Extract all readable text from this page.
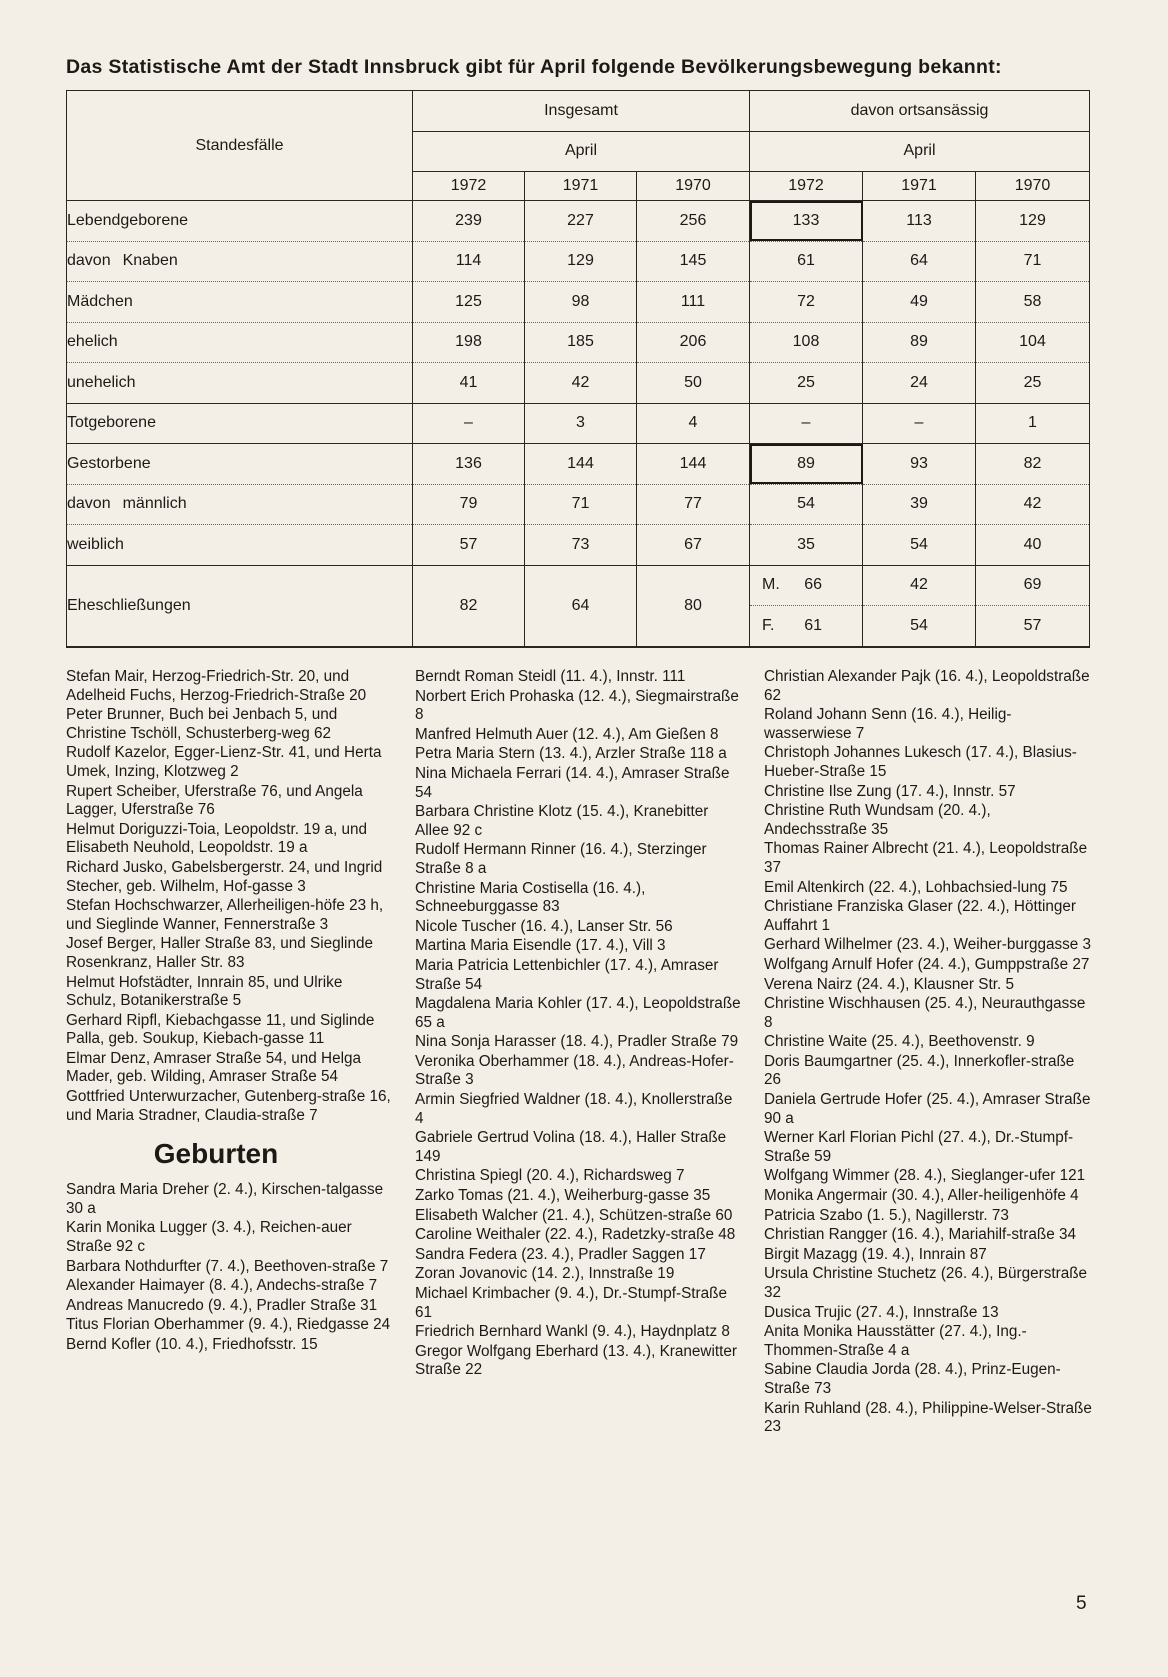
Das Statistische Amt der Stadt Innsbruck gibt für April folgende Bevölkerungsbewegung bekannt:
Standesfälle	Insgesamt			davon ortsansässig		
	April			April		
	1972	1971	1970	1972	1971	1970
Lebendgeborene	239	227	256	133	113	129
davon Knaben	114	129	145	61	64	71
Mädchen	125	98	111	72	49	58
ehelich	198	185	206	108	89	104
unehelich	41	42	50	25	24	25
Totgeborene	–	3	4	–	–	1
Gestorbene	136	144	144	89	93	82
davon männlich	79	71	77	54	39	42
weiblich	57	73	67	35	54	40
Eheschließungen	82	64	80	M. 66	42	69

				F. 61	54	57

Stefan Mair, Herzog-Friedrich-Str. 20, und Adelheid Fuchs, Herzog-Friedrich-Straße 20

Peter Brunner, Buch bei Jenbach 5, und Christine Tschöll, Schusterberg-weg 62

Rudolf Kazelor, Egger-Lienz-Str. 41, und Herta Umek, Inzing, Klotzweg 2

Rupert Scheiber, Uferstraße 76, und Angela Lagger, Uferstraße 76

Helmut Doriguzzi-Toia, Leopoldstr. 19 a, und Elisabeth Neuhold, Leopoldstr. 19 a

Richard Jusko, Gabelsbergerstr. 24, und Ingrid Stecher, geb. Wilhelm, Hof-gasse 3

Stefan Hochschwarzer, Allerheiligen-höfe 23 h, und Sieglinde Wanner, Fennerstraße 3

Josef Berger, Haller Straße 83, und Sieglinde Rosenkranz, Haller Str. 83

Helmut Hofstädter, Innrain 85, und Ulrike Schulz, Botanikerstraße 5

Gerhard Ripfl, Kiebachgasse 11, und Siglinde Palla, geb. Soukup, Kiebach-gasse 11

Elmar Denz, Amraser Straße 54, und Helga Mader, geb. Wilding, Amraser Straße 54

Gottfried Unterwurzacher, Gutenberg-straße 16, und Maria Stradner, Claudia-straße 7

Geburten

Sandra Maria Dreher (2. 4.), Kirschen-talgasse 30 a

Karin Monika Lugger (3. 4.), Reichen-auer Straße 92 c

Barbara Nothdurfter (7. 4.), Beethoven-straße 7

Alexander Haimayer (8. 4.), Andechs-straße 7

Andreas Manucredo (9. 4.), Pradler Straße 31

Titus Florian Oberhammer (9. 4.), Riedgasse 24

Bernd Kofler (10. 4.), Friedhofsstr. 15

Berndt Roman Steidl (11. 4.), Innstr. 111

Norbert Erich Prohaska (12. 4.), Siegmairstraße 8

Manfred Helmuth Auer (12. 4.), Am Gießen 8

Petra Maria Stern (13. 4.), Arzler Straße 118 a

Nina Michaela Ferrari (14. 4.), Amraser Straße 54

Barbara Christine Klotz (15. 4.), Kranebitter Allee 92 c

Rudolf Hermann Rinner (16. 4.), Sterzinger Straße 8 a

Christine Maria Costisella (16. 4.), Schneeburggasse 83

Nicole Tuscher (16. 4.), Lanser Str. 56

Martina Maria Eisendle (17. 4.), Vill 3

Maria Patricia Lettenbichler (17. 4.), Amraser Straße 54

Magdalena Maria Kohler (17. 4.), Leopoldstraße 65 a

Nina Sonja Harasser (18. 4.), Pradler Straße 79

Veronika Oberhammer (18. 4.), Andreas-Hofer-Straße 3

Armin Siegfried Waldner (18. 4.), Knollerstraße 4

Gabriele Gertrud Volina (18. 4.), Haller Straße 149

Christina Spiegl (20. 4.), Richardsweg 7

Zarko Tomas (21. 4.), Weiherburg-gasse 35

Elisabeth Walcher (21. 4.), Schützen-straße 60

Caroline Weithaler (22. 4.), Radetzky-straße 48

Sandra Federa (23. 4.), Pradler Saggen 17

Zoran Jovanovic (14. 2.), Innstraße 19

Michael Krimbacher (9. 4.), Dr.-Stumpf-Straße 61

Friedrich Bernhard Wankl (9. 4.), Haydnplatz 8

Gregor Wolfgang Eberhard (13. 4.), Kranewitter Straße 22

Christian Alexander Pajk (16. 4.), Leopoldstraße 62

Roland Johann Senn (16. 4.), Heilig-wasserwiese 7

Christoph Johannes Lukesch (17. 4.), Blasius-Hueber-Straße 15

Christine Ilse Zung (17. 4.), Innstr. 57

Christine Ruth Wundsam (20. 4.), Andechsstraße 35

Thomas Rainer Albrecht (21. 4.), Leopoldstraße 37

Emil Altenkirch (22. 4.), Lohbachsied-lung 75

Christiane Franziska Glaser (22. 4.), Höttinger Auffahrt 1

Gerhard Wilhelmer (23. 4.), Weiher-burggasse 3

Wolfgang Arnulf Hofer (24. 4.), Gumppstraße 27

Verena Nairz (24. 4.), Klausner Str. 5

Christine Wischhausen (25. 4.), Neurauthgasse 8

Christine Waite (25. 4.), Beethovenstr. 9

Doris Baumgartner (25. 4.), Innerkofler-straße 26

Daniela Gertrude Hofer (25. 4.), Amraser Straße 90 a

Werner Karl Florian Pichl (27. 4.), Dr.-Stumpf-Straße 59

Wolfgang Wimmer (28. 4.), Sieglanger-ufer 121

Monika Angermair (30. 4.), Aller-heiligenhöfe 4

Patricia Szabo (1. 5.), Nagillerstr. 73

Christian Rangger (16. 4.), Mariahilf-straße 34

Birgit Mazagg (19. 4.), Innrain 87

Ursula Christine Stuchetz (26. 4.), Bürgerstraße 32

Dusica Trujic (27. 4.), Innstraße 13

Anita Monika Hausstätter (27. 4.), Ing.-Thommen-Straße 4 a

Sabine Claudia Jorda (28. 4.), Prinz-Eugen-Straße 73

Karin Ruhland (28. 4.), Philippine-Welser-Straße 23

5
